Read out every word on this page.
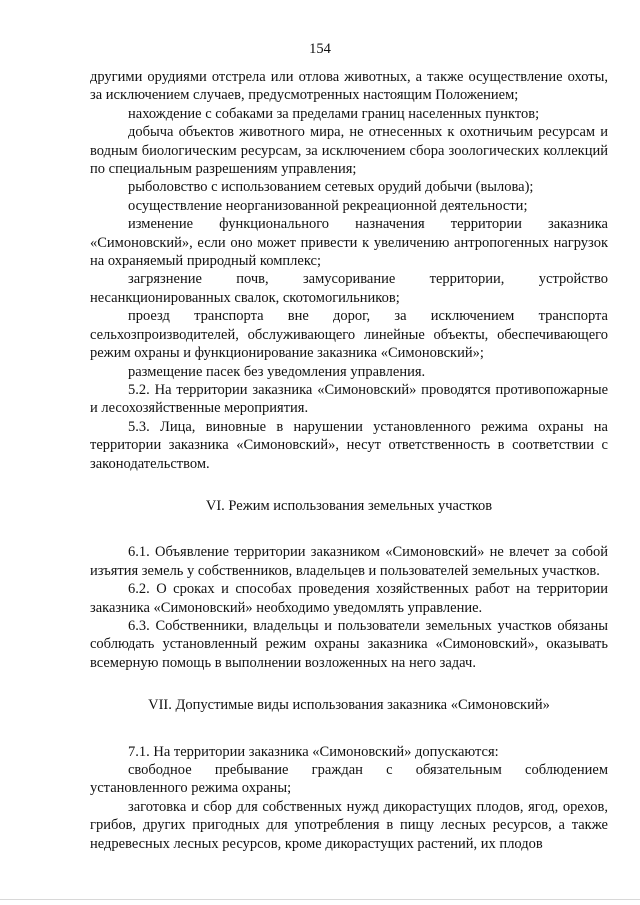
154

другими орудиями отстрела или отлова животных, а также осуществление охоты, за исключением случаев, предусмотренных настоящим Положением;

нахождение с собаками за пределами границ населенных пунктов;

добыча объектов животного мира, не отнесенных к охотничьим ресурсам и водным биологическим ресурсам, за исключением сбора зоологических коллекций по специальным разрешениям управления;

рыболовство с использованием сетевых орудий добычи (вылова);

осуществление неорганизованной рекреационной деятельности;

изменение функционального назначения территории заказника «Симоновский», если оно может привести к увеличению антропогенных нагрузок на охраняемый природный комплекс;

загрязнение почв, замусоривание территории, устройство несанкционированных свалок, скотомогильников;

проезд транспорта вне дорог, за исключением транспорта сельхозпроизводителей, обслуживающего линейные объекты, обеспечивающего режим охраны и функционирование заказника «Симоновский»;

размещение пасек без уведомления управления.

5.2. На территории заказника «Симоновский» проводятся противопожарные и лесохозяйственные мероприятия.

5.3. Лица, виновные в нарушении установленного режима охраны на территории заказника «Симоновский», несут ответственность в соответствии с законодательством.

VI. Режим использования земельных участков

6.1. Объявление территории заказником «Симоновский» не влечет за собой изъятия земель у собственников, владельцев и пользователей земельных участков.

6.2. О сроках и способах проведения хозяйственных работ на территории заказника «Симоновский» необходимо уведомлять управление.

6.3. Собственники, владельцы и пользователи земельных участков обязаны соблюдать установленный режим охраны заказника «Симоновский», оказывать всемерную помощь в выполнении возложенных на него задач.

VII. Допустимые виды использования заказника «Симоновский»

7.1. На территории заказника «Симоновский» допускаются:

свободное пребывание граждан с обязательным соблюдением установленного режима охраны;

заготовка и сбор для собственных нужд дикорастущих плодов, ягод, орехов, грибов, других пригодных для употребления в пищу лесных ресурсов, а также недревесных лесных ресурсов, кроме дикорастущих растений, их плодов
